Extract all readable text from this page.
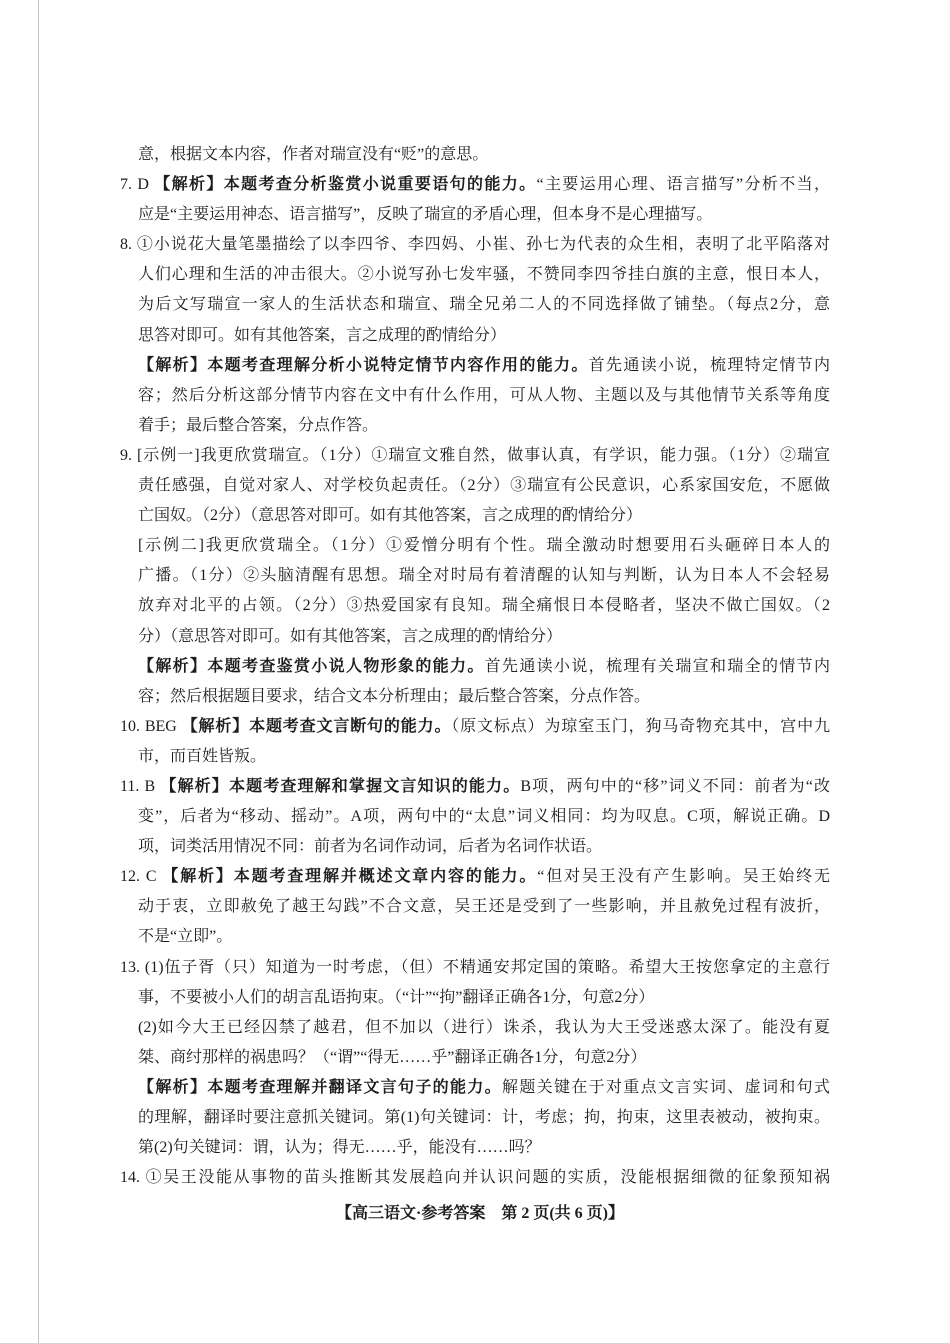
意，根据文本内容，作者对瑞宣没有“贬”的意思。
7. D 【解析】本题考查分析鉴赏小说重要语句的能力。“主要运用心理、语言描写”分析不当，
应是“主要运用神态、语言描写”，反映了瑞宣的矛盾心理，但本身不是心理描写。
8. ①小说花大量笔墨描绘了以李四爷、李四妈、小崔、孙七为代表的众生相，表明了北平陷落对
人们心理和生活的冲击很大。②小说写孙七发牢骚，不赞同李四爷挂白旗的主意，恨日本人，
为后文写瑞宣一家人的生活状态和瑞宣、瑞全兄弟二人的不同选择做了铺垫。（每点2分，意
思答对即可。如有其他答案，言之成理的酌情给分）
【解析】本题考查理解分析小说特定情节内容作用的能力。首先通读小说，梳理特定情节内
容；然后分析这部分情节内容在文中有什么作用，可从人物、主题以及与其他情节关系等角度
着手；最后整合答案，分点作答。
9. [示例一]我更欣赏瑞宣。（1分）①瑞宣文雅自然，做事认真，有学识，能力强。（1分）②瑞宣
责任感强，自觉对家人、对学校负起责任。（2分）③瑞宣有公民意识，心系家国安危，不愿做
亡国奴。（2分）（意思答对即可。如有其他答案，言之成理的酌情给分）
[示例二]我更欣赏瑞全。（1分）①爱憎分明有个性。瑞全激动时想要用石头砸碎日本人的
广播。（1分）②头脑清醒有思想。瑞全对时局有着清醒的认知与判断，认为日本人不会轻易
放弃对北平的占领。（2分）③热爱国家有良知。瑞全痛恨日本侵略者，坚决不做亡国奴。（2
分）（意思答对即可。如有其他答案，言之成理的酌情给分）
【解析】本题考查鉴赏小说人物形象的能力。首先通读小说，梳理有关瑞宣和瑞全的情节内
容；然后根据题目要求，结合文本分析理由；最后整合答案，分点作答。
10. BEG 【解析】本题考查文言断句的能力。（原文标点）为琼室玉门，狗马奇物充其中，宫中九
市，而百姓皆叛。
11. B 【解析】本题考查理解和掌握文言知识的能力。B项，两句中的“移”词义不同：前者为“改
变”，后者为“移动、摇动”。A项，两句中的“太息”词义相同：均为叹息。C项，解说正确。D
项，词类活用情况不同：前者为名词作动词，后者为名词作状语。
12. C 【解析】本题考查理解并概述文章内容的能力。“但对吴王没有产生影响。吴王始终无
动于衷，立即赦免了越王勾践”不合文意，吴王还是受到了一些影响，并且赦免过程有波折，
不是“立即”。
13. (1)伍子胥（只）知道为一时考虑，（但）不精通安邦定国的策略。希望大王按您拿定的主意行
事，不要被小人们的胡言乱语拘束。（“计”“拘”翻译正确各1分，句意2分）
(2)如今大王已经囚禁了越君，但不加以（进行）诛杀，我认为大王受迷惑太深了。能没有夏
桀、商纣那样的祸患吗？（“谓”“得无……乎”翻译正确各1分，句意2分）
【解析】本题考查理解并翻译文言句子的能力。解题关键在于对重点文言实词、虚词和句式
的理解，翻译时要注意抓关键词。第(1)句关键词：计，考虑；拘，拘束，这里表被动，被拘束。
第(2)句关键词：谓，认为；得无……乎，能没有……吗？
14. ①吴王没能从事物的苗头推断其发展趋向并认识问题的实质，没能根据细微的征象预知祸
【高三语文·参考答案　第 2 页(共 6 页)】
